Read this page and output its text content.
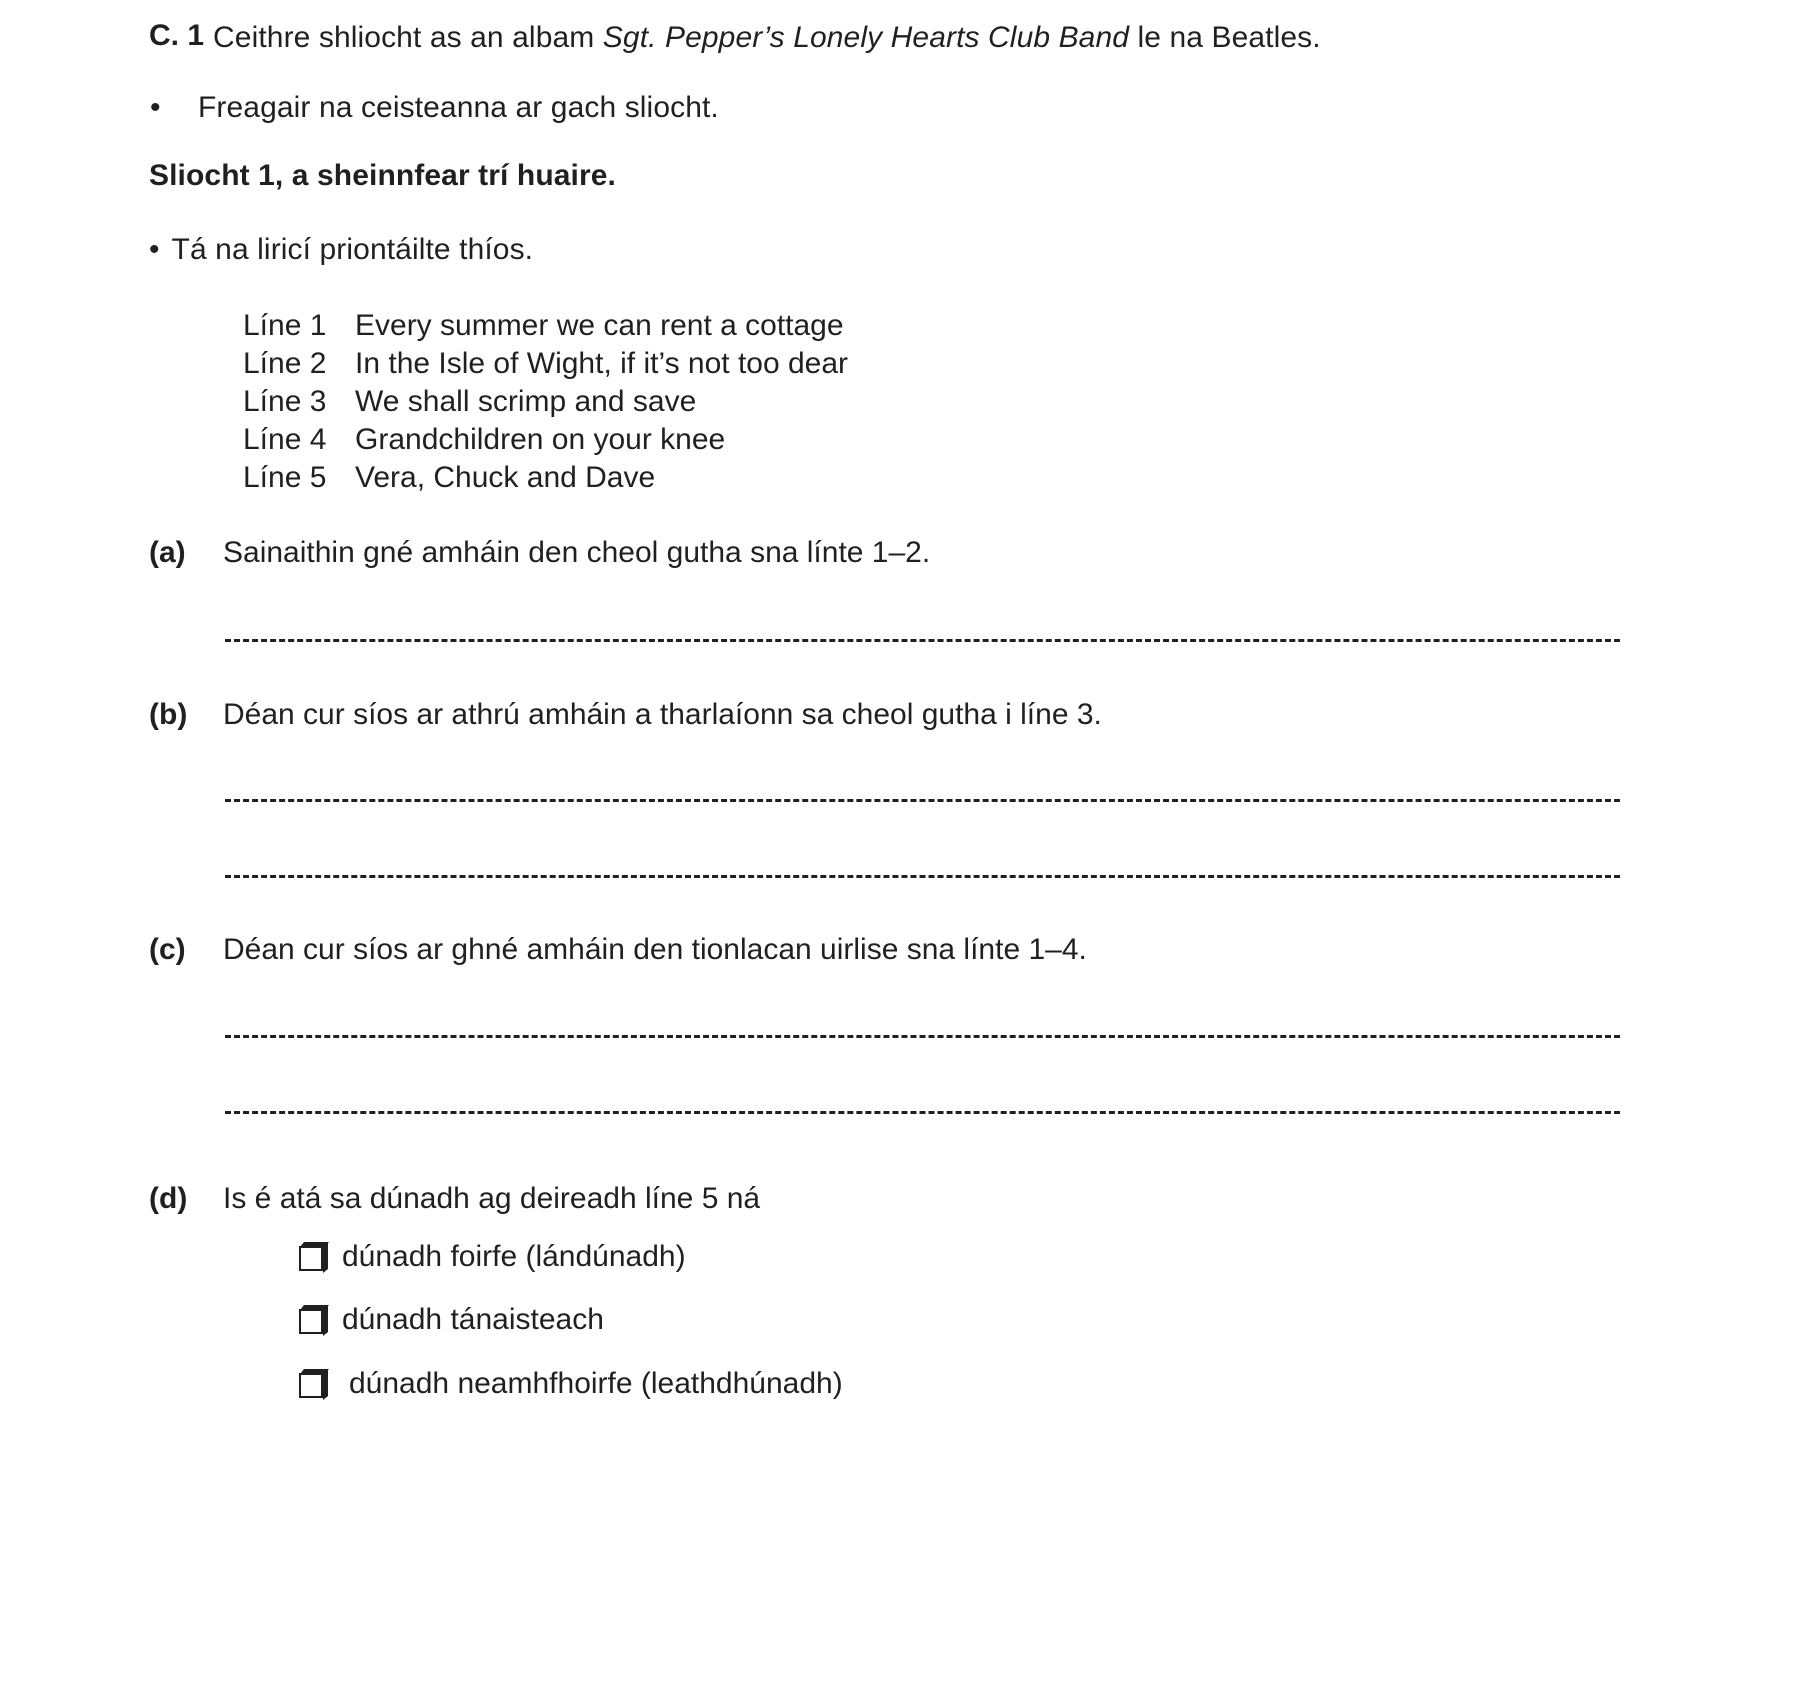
C. 1 Ceithre shliocht as an albam Sgt. Pepper’s Lonely Hearts Club Band le na Beatles.
•	Freagair na ceisteanna ar gach sliocht.
Sliocht 1, a sheinnfear trí huaire.
• Tá na liricí priontáilte thíos.
Líne 1 Every summer we can rent a cottage
Líne 2 In the Isle of Wight, if it’s not too dear
Líne 3 We shall scrimp and save
Líne 4 Grandchildren on your knee
Líne 5 Vera, Chuck and Dave
(a)	Sainaithin gné amháin den cheol gutha sna línte 1–2.
(b)	Déan cur síos ar athrú amháin a tharlaíonn sa cheol gutha i líne 3.
(c)	Déan cur síos ar ghné amháin den tionlacan uirlise sna línte 1–4.
(d)	Is é atá sa dúnadh ag deireadh líne 5 ná
dúnadh foirfe (lándúnadh)
dúnadh tánaisteach
dúnadh neamhfhoirfe (leathdhúnadh)
